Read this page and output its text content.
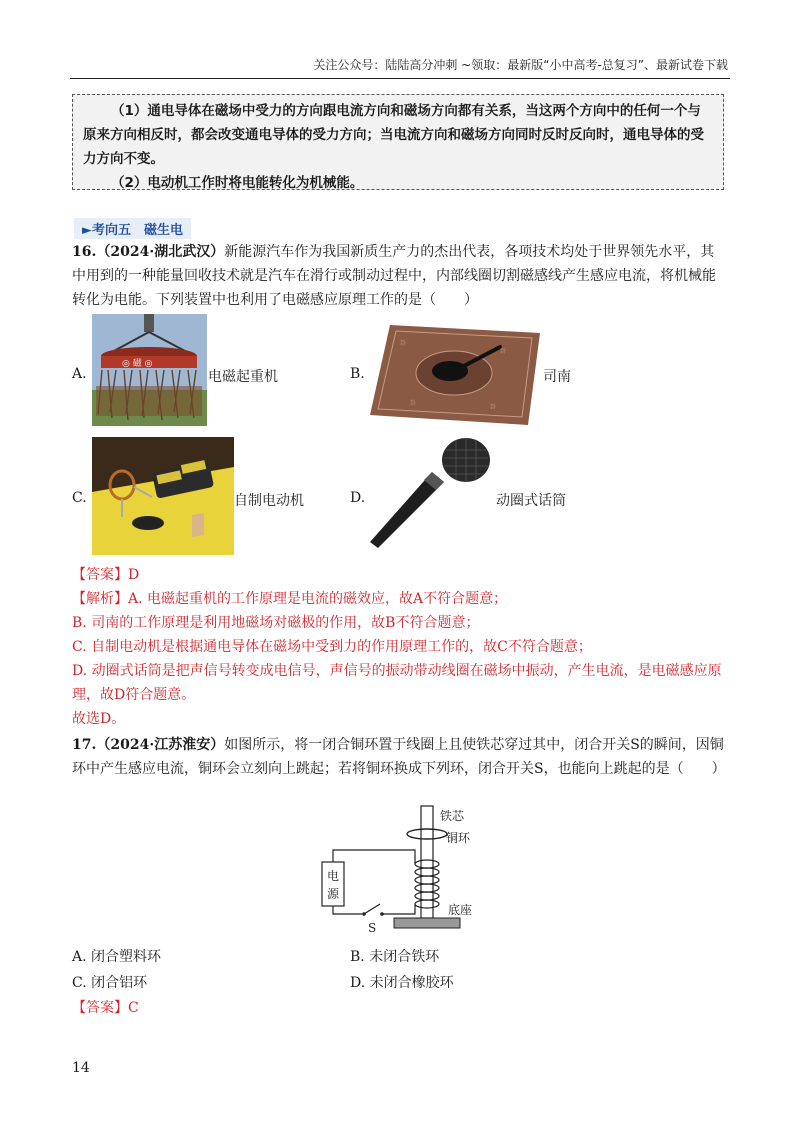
关注公众号：陆陆高分冲刺 ~领取：最新版“小中高考-总复习”、最新试卷下载

（1）通电导体在磁场中受力的方向跟电流方向和磁场方向都有关系，当这两个方向中的任何一个与原来方向相反时，都会改变通电导体的受力方向；当电流方向和磁场方向同时反时反向时，通电导体的受力方向不变。

（2）电动机工作时将电能转化为机械能。

►考向五　磁生电
16.（2024·湖北武汉）新能源汽车作为我国新质生产力的杰出代表，各项技术均处于世界领先水平，其中用到的一种能量回收技术就是汽车在滑行或制动过程中，内部线圈切割磁感线产生感应电流，将机械能转化为电能。下列装置中也利用了电磁感应原理工作的是（　　）
A.
◎ 磁 ◎
电磁起重机	B.
卦
卦
卦
卦
司南
C.	自制电动机	D.	动圈式话筒
【答案】D
【解析】A. 电磁起重机的工作原理是电流的磁效应，故A不符合题意；
B. 司南的工作原理是利用地磁场对磁极的作用，故B不符合题意；
C. 自制电动机是根据通电导体在磁场中受到力的作用原理工作的，故C不符合题意；
D. 动圈式话筒是把声信号转变成电信号，声信号的振动带动线圈在磁场中振动，产生电流，是电磁感应原理，故D符合题意。
故选D。
17.（2024·江苏淮安）如图所示，将一闭合铜环置于线圈上且使铁芯穿过其中，闭合开关S的瞬间，因铜环中产生感应电流，铜环会立刻向上跳起；若将铜环换成下列环，闭合开关S，也能向上跳起的是（　　）
铁芯
铜环
电
源
S
底座
A. 闭合塑料环	B. 未闭合铁环
C. 闭合铝环	D. 未闭合橡胶环
【答案】C
14
